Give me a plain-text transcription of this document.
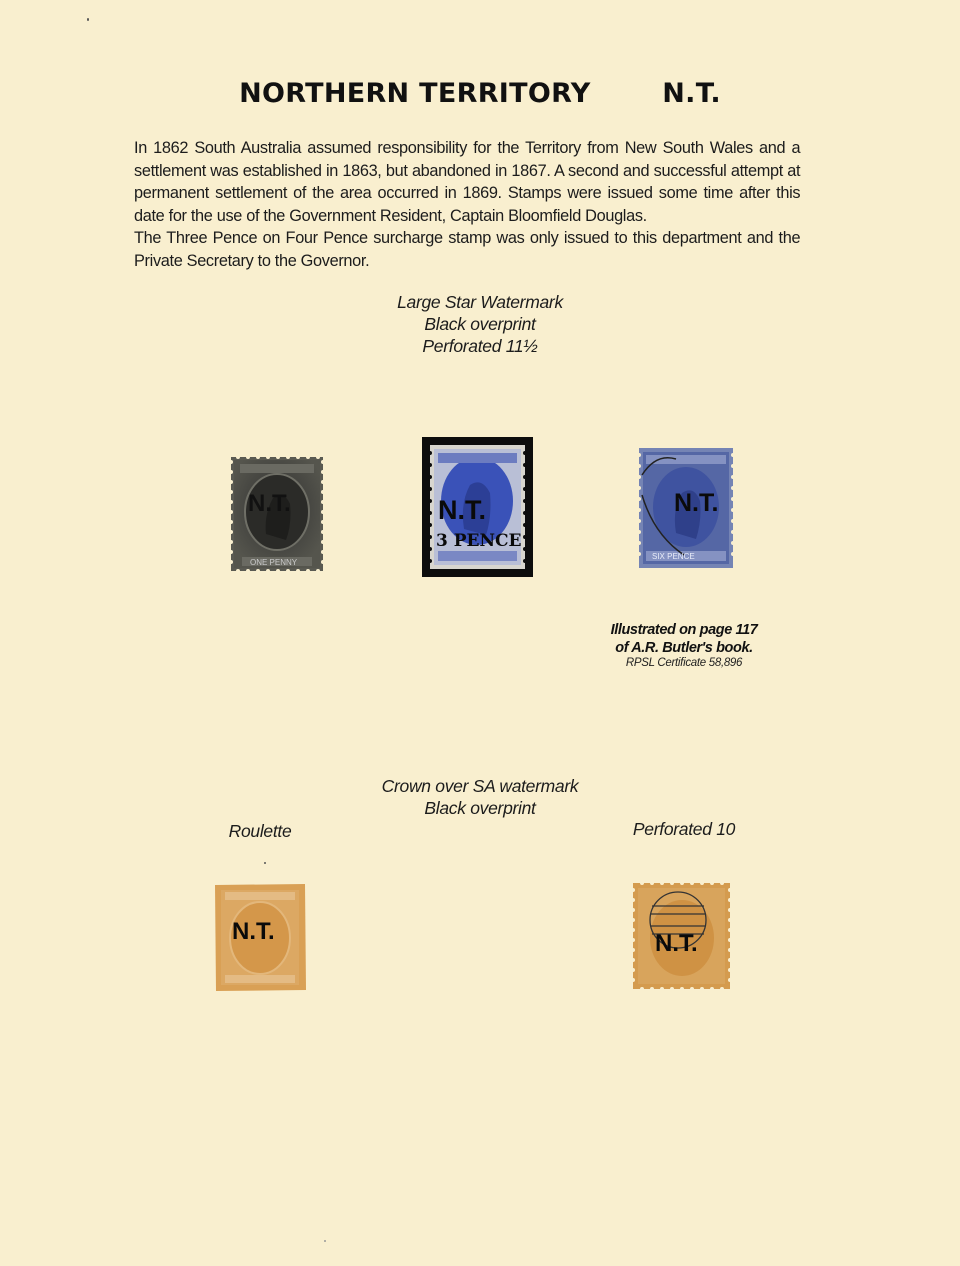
NORTHERN TERRITORY	N.T.

In 1862 South Australia assumed responsibility for the Territory from New South Wales and a settlement was established in 1863, but abandoned in 1867. A second and successful attempt at permanent settlement of the area occurred in 1869. Stamps were issued some time after this date for the use of the Government Resident, Captain Bloomfield Douglas.

The Three Pence on Four Pence surcharge stamp was only issued to this department and the Private Secretary to the Governor.

Large Star Watermark
Black overprint
Perforated 11½
N.T.
ONE PENNY
N.T.
3 PENCE
N.T.
SIX PENCE
Illustrated on page 117
of A.R. Butler's book.
RPSL Certificate 58,896
Crown over SA watermark
Black overprint
Roulette	Perforated 10
N.T.	N.T.
